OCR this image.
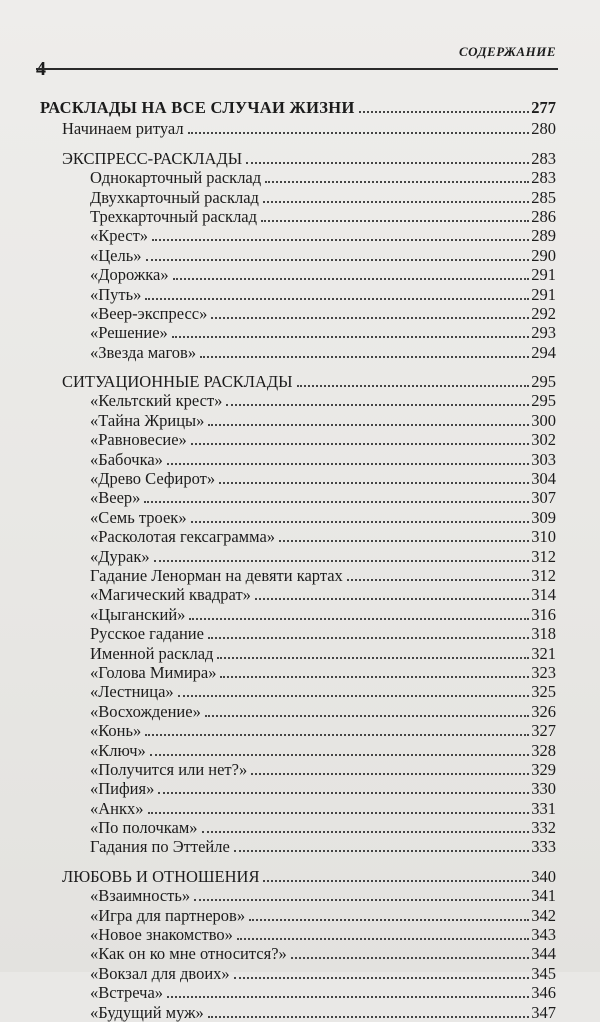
4
СОДЕРЖАНИЕ
РАСКЛАДЫ НА ВСЕ СЛУЧАИ ЖИЗНИ	277
Начинаем ритуал	280
ЭКСПРЕСС-РАСКЛАДЫ	283
Однокарточный расклад	283
Двухкарточный расклад	285
Трехкарточный расклад	286
«Крест»	289
«Цель»	290
«Дорожка»	291
«Путь»	291
«Веер-экспресс»	292
«Решение»	293
«Звезда магов»	294
СИТУАЦИОННЫЕ РАСКЛАДЫ	295
«Кельтский крест»	295
«Тайна Жрицы»	300
«Равновесие»	302
«Бабочка»	303
«Древо Сефирот»	304
«Веер»	307
«Семь троек»	309
«Расколотая гексаграмма»	310
«Дурак»	312
Гадание Ленорман на девяти картах	312
«Магический квадрат»	314
«Цыганский»	316
Русское гадание	318
Именной расклад	321
«Голова Мимира»	323
«Лестница»	325
«Восхождение»	326
«Конь»	327
«Ключ»	328
«Получится или нет?»	329
«Пифия»	330
«Анкх»	331
«По полочкам»	332
Гадания по Эттейле	333
ЛЮБОВЬ И ОТНОШЕНИЯ	340
«Взаимность»	341
«Игра для партнеров»	342
«Новое знакомство»	343
«Как он ко мне относится?»	344
«Вокзал для двоих»	345
«Встреча»	346
«Будущий муж»	347
